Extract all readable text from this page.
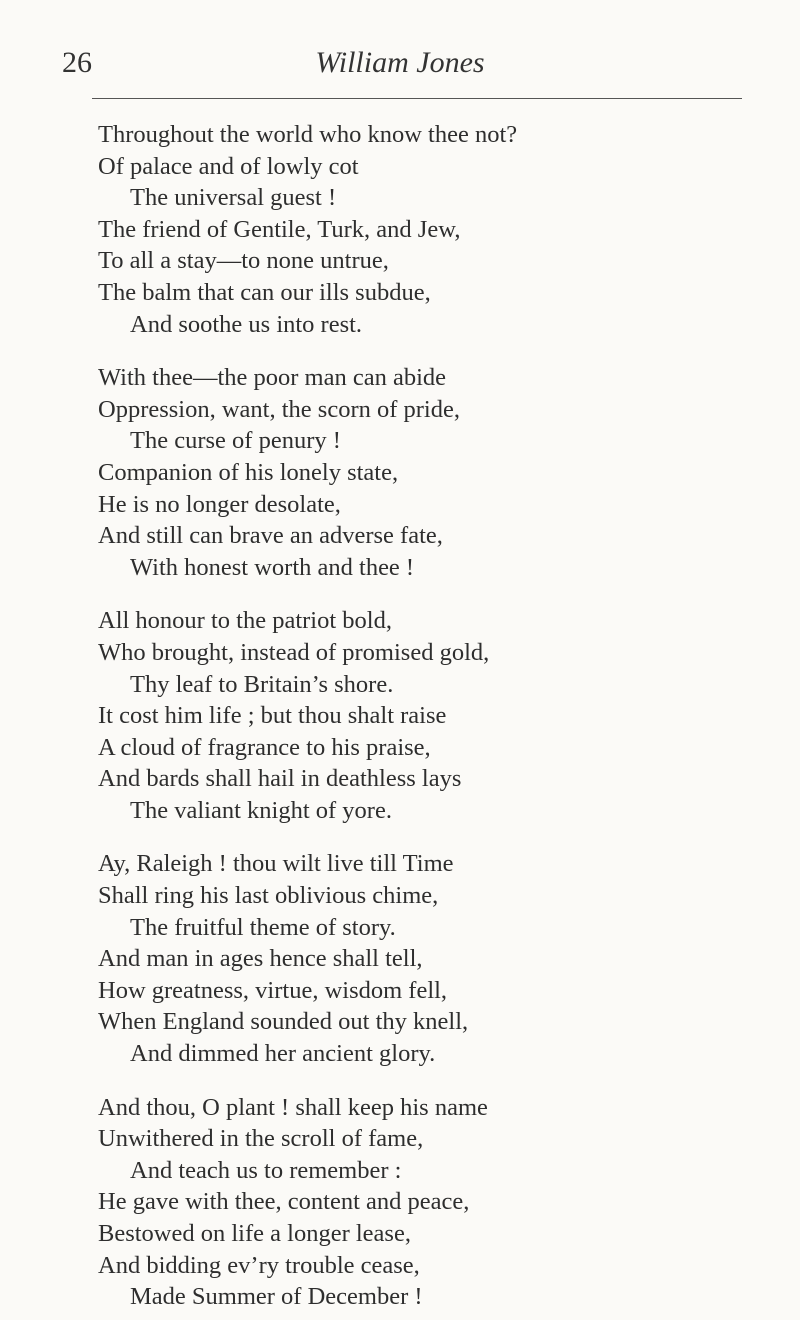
26	William Jones
Throughout the world who know thee not?
Of palace and of lowly cot
The universal guest !
The friend of Gentile, Turk, and Jew,
To all a stay—to none untrue,
The balm that can our ills subdue,
And soothe us into rest.
With thee—the poor man can abide
Oppression, want, the scorn of pride,
The curse of penury !
Companion of his lonely state,
He is no longer desolate,
And still can brave an adverse fate,
With honest worth and thee !
All honour to the patriot bold,
Who brought, instead of promised gold,
Thy leaf to Britain’s shore.
It cost him life ; but thou shalt raise
A cloud of fragrance to his praise,
And bards shall hail in deathless lays
The valiant knight of yore.
Ay, Raleigh ! thou wilt live till Time
Shall ring his last oblivious chime,
The fruitful theme of story.
And man in ages hence shall tell,
How greatness, virtue, wisdom fell,
When England sounded out thy knell,
And dimmed her ancient glory.
And thou, O plant ! shall keep his name
Unwithered in the scroll of fame,
And teach us to remember :
He gave with thee, content and peace,
Bestowed on life a longer lease,
And bidding ev’ry trouble cease,
Made Summer of December !
